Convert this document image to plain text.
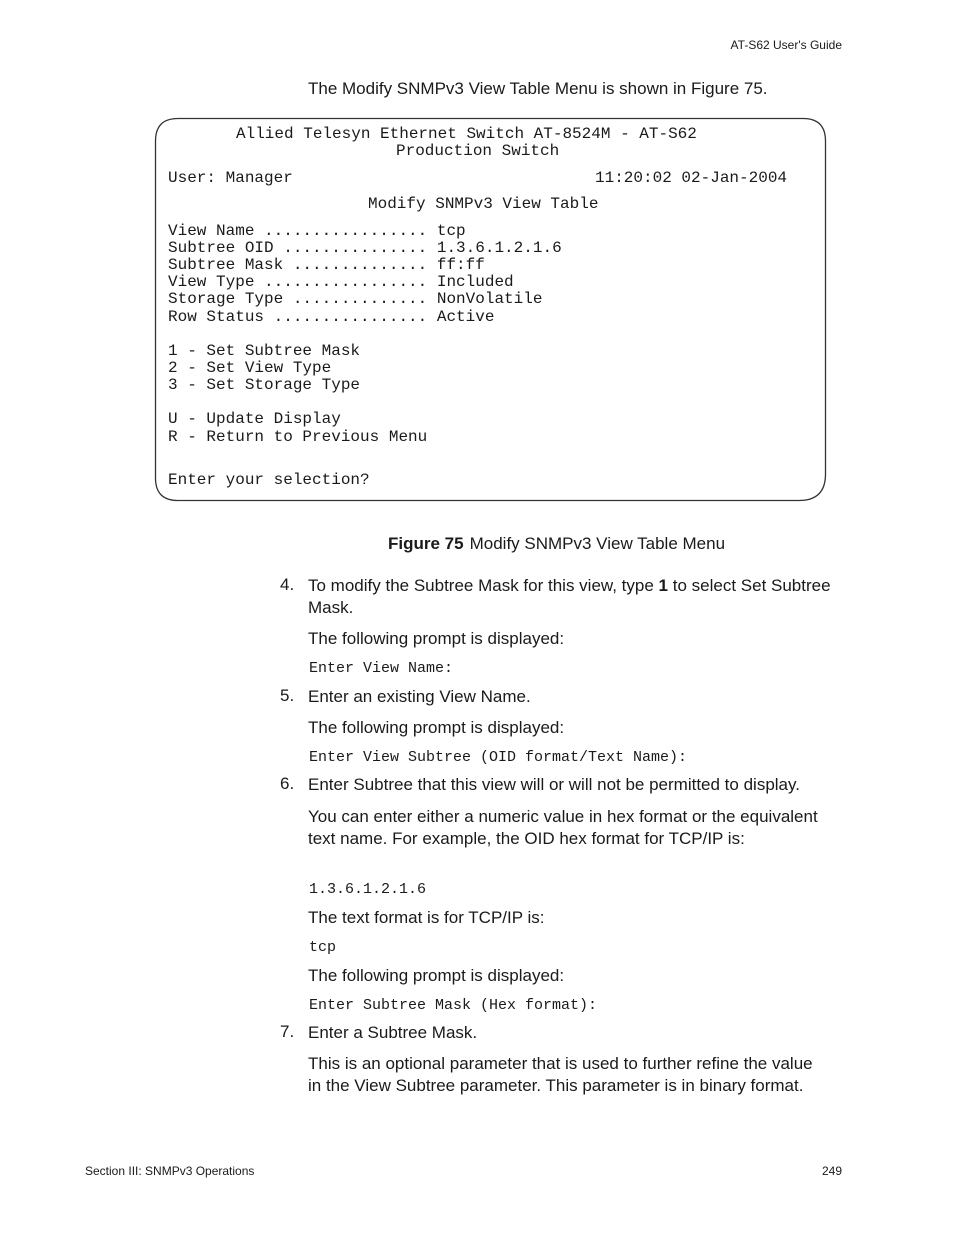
AT-S62 User's Guide
The Modify SNMPv3 View Table Menu is shown in Figure 75.
Allied Telesyn Ethernet Switch AT-8524M - AT-S62
Production Switch
User: Manager	11:20:02 02-Jan-2004
Modify SNMPv3 View Table
View Name ................. tcp
Subtree OID ............... 1.3.6.1.2.1.6
Subtree Mask .............. ff:ff
View Type ................. Included
Storage Type .............. NonVolatile
Row Status ................ Active
1 - Set Subtree Mask
2 - Set View Type
3 - Set Storage Type
U - Update Display
R - Return to Previous Menu
Enter your selection?
Figure 75 Modify SNMPv3 View Table Menu
4. To modify the Subtree Mask for this view, type 1 to select Set Subtree Mask.
The following prompt is displayed:
Enter View Name:
5. Enter an existing View Name.
The following prompt is displayed:
Enter View Subtree (OID format/Text Name):
6. Enter Subtree that this view will or will not be permitted to display.
You can enter either a numeric value in hex format or the equivalent text name. For example, the OID hex format for TCP/IP is:
1.3.6.1.2.1.6
The text format is for TCP/IP is:
tcp
The following prompt is displayed:
Enter Subtree Mask (Hex format):
7. Enter a Subtree Mask.
This is an optional parameter that is used to further refine the value in the View Subtree parameter. This parameter is in binary format.
Section III: SNMPv3 Operations	249
